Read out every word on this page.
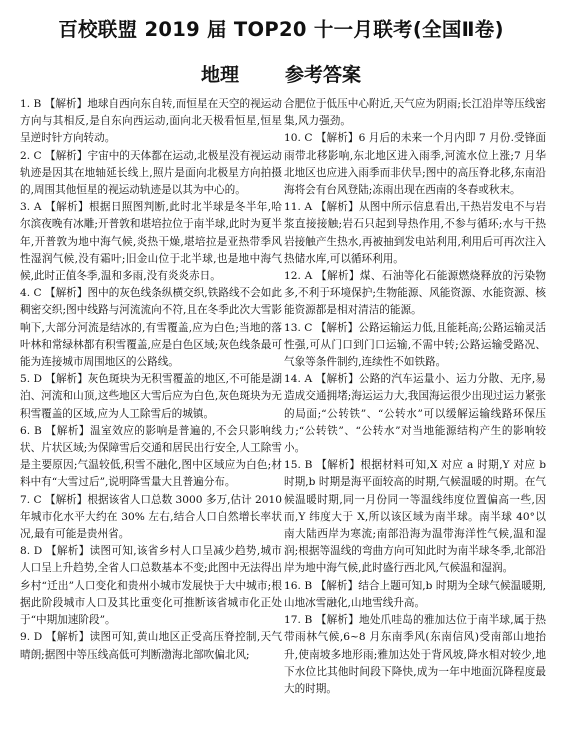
百校联盟 2019 届 TOP20 十一月联考(全国Ⅱ卷)
地理 参考答案

1. B 【解析】地球自西向东自转,而恒星在天空的视运动方向与其相反,是自东向西运动,面向北天极看恒星,恒星呈逆时针方向转动。

2. C 【解析】宇宙中的天体都在运动,北极星没有视运动轨迹是因其在地轴延长线上,照片是面向北极星方向拍摄的,周围其他恒星的视运动轨迹是以其为中心的。

3. A 【解析】根据日照图判断,此时北半球是冬半年,哈尔滨夜晚有冰雕;开普敦和堪培拉位于南半球,此时为夏半年,开普敦为地中海气候,炎热干燥,堪培拉是亚热带季风性湿润气候,没有霜叶;旧金山位于北半球,也是地中海气候,此时正值冬季,温和多雨,没有炎炎赤日。

4. C 【解析】图中的灰色线条纵横交织,铁路线不会如此稠密交织;图中线路与河流流向不符,且在冬季此次大雪影响下,大部分河流是结冰的,有雪覆盖,应为白色;当地的落叶林和常绿林都有积雪覆盖,应是白色区域;灰色线条最可能为连接城市周围地区的公路线。

5. D 【解析】灰色斑块为无积雪覆盖的地区,不可能是湖泊、河流和山顶,这些地区大雪后应为白色,灰色斑块为无积雪覆盖的区域,应为人工除雪后的城镇。

6. B 【解析】温室效应的影响是普遍的,不会只影响线状、片状区域;为保障雪后交通和居民出行安全,人工除雪是主要原因;气温较低,积雪不融化,图中区域应为白色;材料中有“大雪过后”,说明降雪量大且普遍分布。

7. C 【解析】根据该省人口总数 3000 多万,估计 2010 年城市化水平大约在 30% 左右,结合人口自然增长率状况,最有可能是贵州省。

8. D 【解析】读图可知,该省乡村人口呈减少趋势,城市人口呈上升趋势,全省人口总数基本不变;此图中无法得出乡村“迁出”人口变化和贵州小城市发展快于大中城市;根据此阶段城市人口及其比重变化可推断该省城市化正处于“中期加速阶段”。

9. D 【解析】读图可知,黄山地区正受高压脊控制,天气晴朗;据图中等压线高低可判断渤海北部吹偏北风;

合肥位于低压中心附近,天气应为阴雨;长江沿岸等压线密集,风力强劲。

10. C 【解析】6 月后的未来一个月内即 7 月份.受锋面雨带北移影响,东北地区进入雨季,河流水位上涨;7 月华北地区也应进入雨季而非伏旱;图中的高压脊北移,东南沿海将会有台风登陆;冻雨出现在西南的冬春或秋末。

11. A 【解析】从图中所示信息看出,干热岩发电不与岩浆直接接触;岩石只起到导热作用,不参与循环;水与干热岩接触产生热水,再被抽到发电站利用,利用后可再次注入热储水库,可以循环利用。

12. A 【解析】煤、石油等化石能源燃烧释放的污染物多,不利于环境保护;生物能源、风能资源、水能资源、核能资源都是相对清洁的能源。

13. C 【解析】公路运输运力低,且能耗高;公路运输灵活性强,可从门口到门口运输,不需中转;公路运输受路况、气象等条件制约,连续性不如铁路。

14. A 【解析】公路的汽车运量小、运力分散、无序,易造成交通拥堵;海运运力大,我国海运很少出现过运力紧张的局面;“公转铁”、“公转水”可以缓解运输线路环保压力;“公转铁”、“公转水”对当地能源结构产生的影响较小。

15. B 【解析】根据材料可知,X 对应 a 时期,Y 对应 b 时期,b 时期是海平面较高的时期,气候温暖的时期。在气候温暖时期,同一月份同一等温线纬度位置偏高一些,因而,Y 纬度大于 X,所以该区域为南半球。南半球 40°以南大陆西岸为寒流;南部沿海为温带海洋性气候,温和湿润;根据等温线的弯曲方向可知此时为南半球冬季,北部沿岸为地中海气候,此时盛行西北风,气候温和湿润。

16. B 【解析】结合上题可知,b 时期为全球气候温暖期,山地冰雪融化,山地雪线升高。

17. B 【解析】地处爪哇岛的雅加达位于南半球,属于热带雨林气候,6~8 月东南季风(东南信风)受南部山地抬升,使南坡多地形雨;雅加达处于背风坡,降水相对较少,地下水位比其他时间段下降快,成为一年中地面沉降程度最大的时期。
